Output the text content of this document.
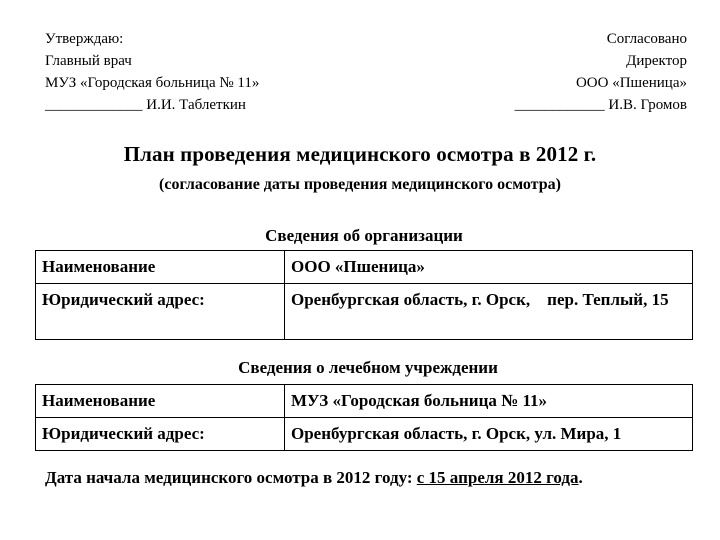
Утверждаю:
Главный врач
МУЗ «Городская больница № 11»
_____________ И.И. Таблеткин
Согласовано
Директор
ООО «Пшеница»
____________ И.В. Громов
План проведения медицинского осмотра в 2012 г.
(согласование даты проведения медицинского осмотра)
Сведения об организации
Наименование	ООО «Пшеница»
Юридический адрес:	Оренбургская область, г. Орск,    пер. Теплый, 15
Сведения о лечебном учреждении
Наименование	МУЗ «Городская больница № 11»
Юридический адрес:	Оренбургская область, г. Орск, ул. Мира, 1
Дата начала медицинского осмотра в 2012 году: с 15 апреля 2012 года.
